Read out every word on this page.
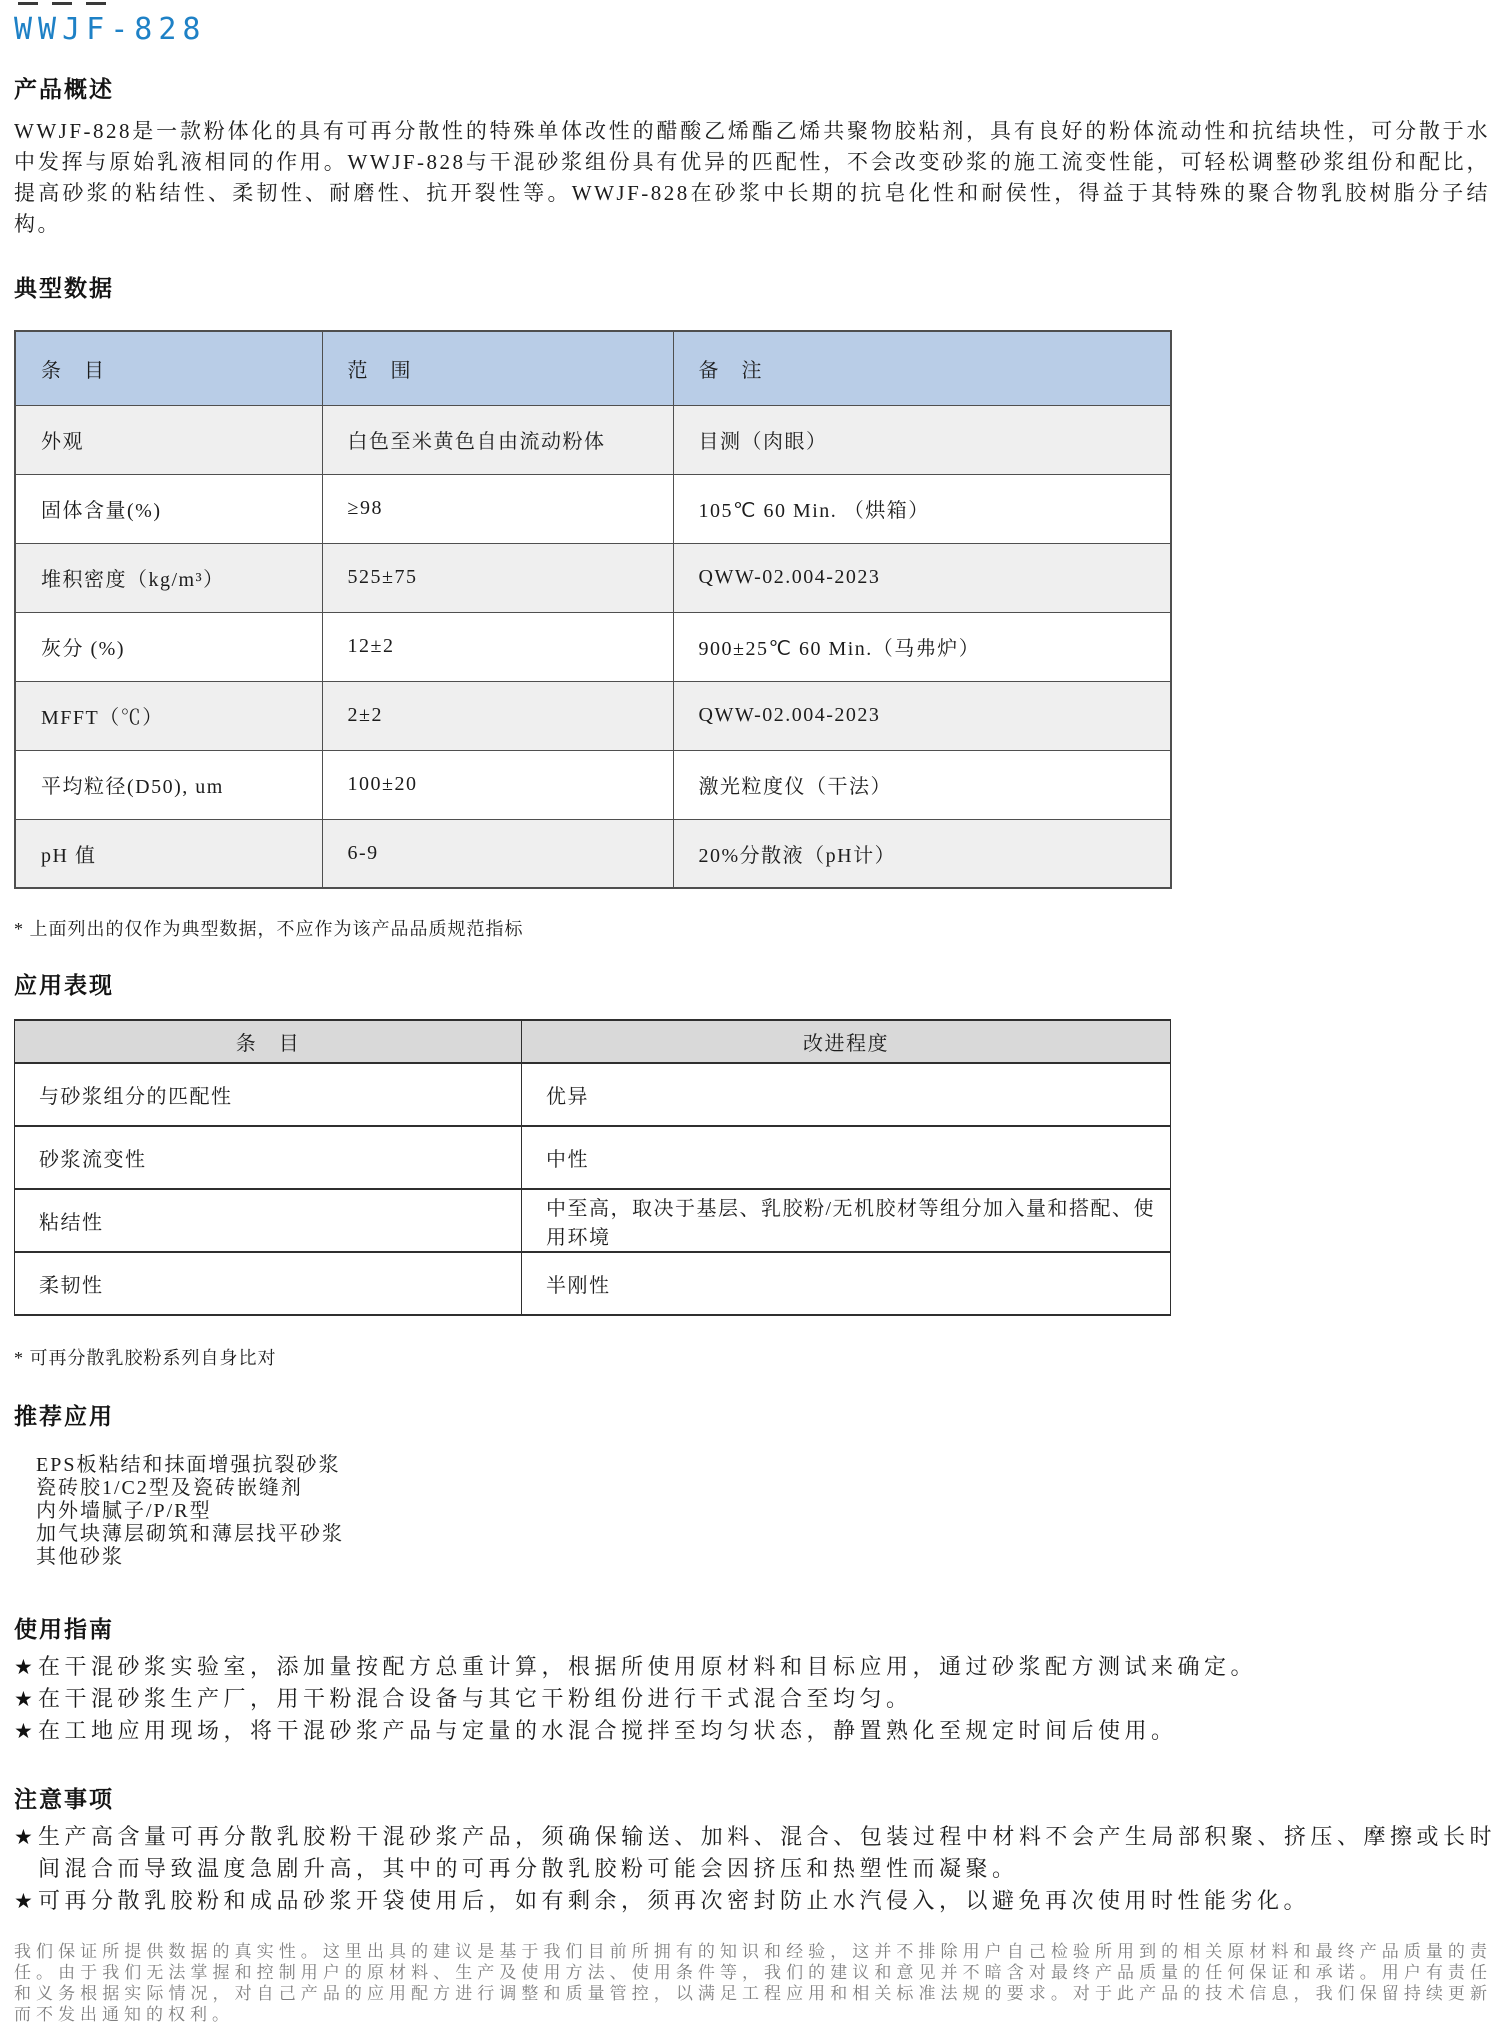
WWJF-828
产品概述

WWJF-828是一款粉体化的具有可再分散性的特殊单体改性的醋酸乙烯酯乙烯共聚物胶粘剂，具有良好的粉体流动性和抗结块性，可分散于水中发挥与原始乳液相同的作用。WWJF-828与干混砂浆组份具有优异的匹配性，不会改变砂浆的施工流变性能，可轻松调整砂浆组份和配比，提高砂浆的粘结性、柔韧性、耐磨性、抗开裂性等。WWJF-828在砂浆中长期的抗皂化性和耐侯性，得益于其特殊的聚合物乳胶树脂分子结构。

典型数据
条　目	范　围	备　注
外观	白色至米黄色自由流动粉体	目测（肉眼）
固体含量(%)	≥98	105℃ 60 Min. （烘箱）
堆积密度（kg/m³）	525±75	QWW-02.004-2023
灰分 (%)	12±2	900±25℃ 60 Min.（马弗炉）
MFFT（℃）	2±2	QWW-02.004-2023
平均粒径(D50), um	100±20	激光粒度仪（干法）
pH 值	6-9	20%分散液（pH计）

* 上面列出的仅作为典型数据，不应作为该产品品质规范指标

应用表现
条　目	改进程度
与砂浆组分的匹配性	优异
砂浆流变性	中性
粘结性	中至高，取决于基层、乳胶粉/无机胶材等组分加入量和搭配、使用环境
柔韧性	半刚性

* 可再分散乳胶粉系列自身比对

推荐应用
EPS板粘结和抹面增强抗裂砂浆
瓷砖胶1/C2型及瓷砖嵌缝剂
内外墙腻子/P/R型
加气块薄层砌筑和薄层找平砂浆
其他砂浆
使用指南
★ 在干混砂浆实验室，添加量按配方总重计算，根据所使用原材料和目标应用，通过砂浆配方测试来确定。
★ 在干混砂浆生产厂，用干粉混合设备与其它干粉组份进行干式混合至均匀。
★ 在工地应用现场，将干混砂浆产品与定量的水混合搅拌至均匀状态，静置熟化至规定时间后使用。
注意事项
★ 生产高含量可再分散乳胶粉干混砂浆产品，须确保输送、加料、混合、包装过程中材料不会产生局部积聚、挤压、摩擦或长时间混合而导致温度急剧升高，其中的可再分散乳胶粉可能会因挤压和热塑性而凝聚。
★ 可再分散乳胶粉和成品砂浆开袋使用后，如有剩余，须再次密封防止水汽侵入，以避免再次使用时性能劣化。
我们保证所提供数据的真实性。这里出具的建议是基于我们目前所拥有的知识和经验，这并不排除用户自己检验所用到的相关原材料和最终产品质量的责任。由于我们无法掌握和控制用户的原材料、生产及使用方法、使用条件等，我们的建议和意见并不暗含对最终产品质量的任何保证和承诺。用户有责任和义务根据实际情况，对自己产品的应用配方进行调整和质量管控，以满足工程应用和相关标准法规的要求。对于此产品的技术信息，我们保留持续更新而不发出通知的权利。
